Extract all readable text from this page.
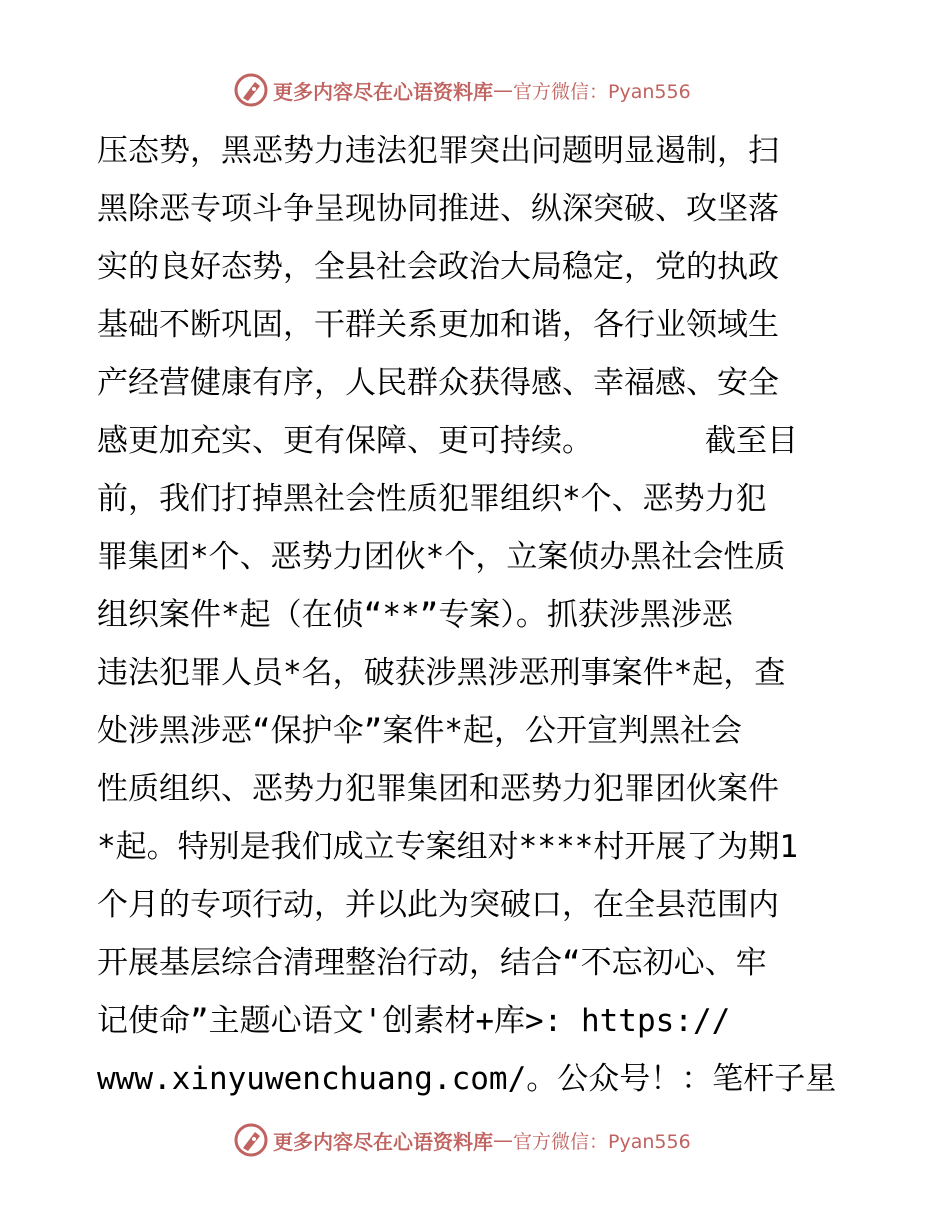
更多内容尽在心语资料库 — 官方微信：Pyan556
压态势，黑恶势力违法犯罪突出问题明显遏制，扫
黑除恶专项斗争呈现协同推进、纵深突破、攻坚落
实的良好态势，全县社会政治大局稳定，党的执政
基础不断巩固，干群关系更加和谐，各行业领域生
产经营健康有序，人民群众获得感、幸福感、安全
感更加充实、更有保障、更可持续。      截至目
前，我们打掉黑社会性质犯罪组织*个、恶势力犯
罪集团*个、恶势力团伙*个，立案侦办黑社会性质
组织案件*起（在侦“**”专案）。抓获涉黑涉恶
违法犯罪人员*名，破获涉黑涉恶刑事案件*起，查
处涉黑涉恶“保护伞”案件*起，公开宣判黑社会
性质组织、恶势力犯罪集团和恶势力犯罪团伙案件
*起。特别是我们成立专案组对****村开展了为期1
个月的专项行动，并以此为突破口，在全县范围内
开展基层综合清理整治行动，结合“不忘初心、牢
记使命”主题心语文'创素材+库>: https://
www.xinyuwenchuang.com/。公众号！：笔杆子星
更多内容尽在心语资料库 — 官方微信：Pyan556
